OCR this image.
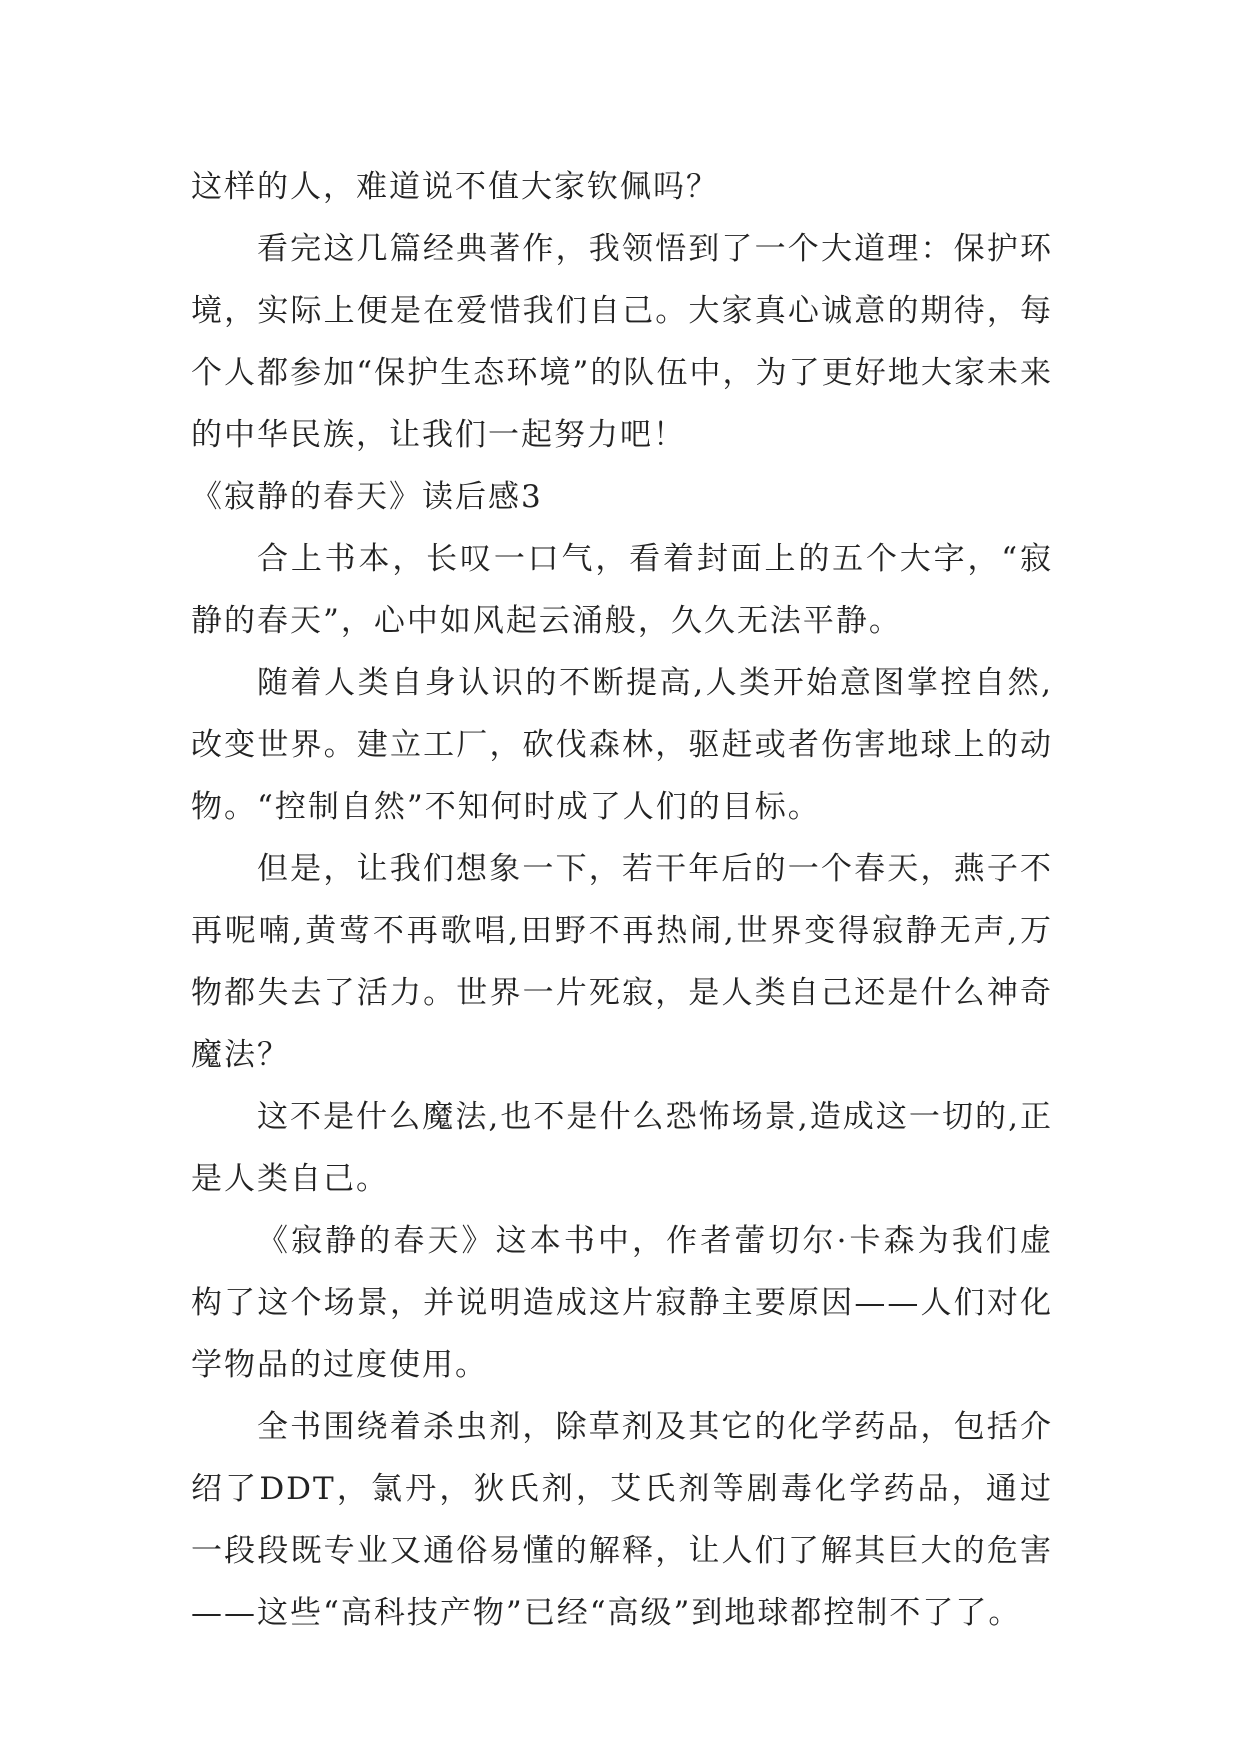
这样的人，难道说不值大家钦佩吗？

看完这几篇经典著作，我领悟到了一个大道理：保护环境，实际上便是在爱惜我们自己。大家真心诚意的期待，每个人都参加“保护生态环境”的队伍中，为了更好地大家未来的中华民族，让我们一起努力吧！

《寂静的春天》读后感3

合上书本，长叹一口气，看着封面上的五个大字，“寂静的春天”，心中如风起云涌般，久久无法平静。

随着人类自身认识的不断提高,人类开始意图掌控自然,改变世界。建立工厂，砍伐森林，驱赶或者伤害地球上的动物。“控制自然”不知何时成了人们的目标。

但是，让我们想象一下，若干年后的一个春天，燕子不再呢喃,黄莺不再歌唱,田野不再热闹,世界变得寂静无声,万物都失去了活力。世界一片死寂，是人类自己还是什么神奇魔法？

这不是什么魔法,也不是什么恐怖场景,造成这一切的,正是人类自己。

《寂静的春天》这本书中，作者蕾切尔·卡森为我们虚构了这个场景，并说明造成这片寂静主要原因——人们对化学物品的过度使用。

全书围绕着杀虫剂，除草剂及其它的化学药品，包括介绍了DDT，氯丹，狄氏剂，艾氏剂等剧毒化学药品，通过一段段既专业又通俗易懂的解释，让人们了解其巨大的危害——这些“高科技产物”已经“高级”到地球都控制不了了。
